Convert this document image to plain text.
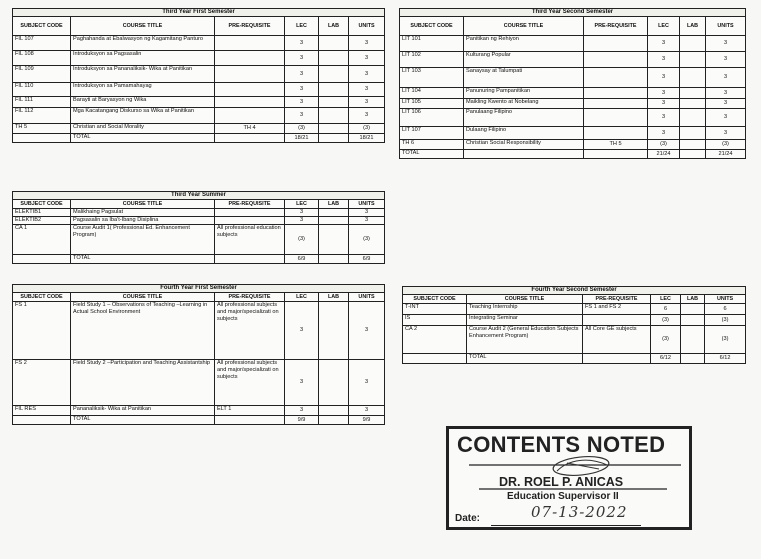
Third Year First Semester					
SUBJECT CODE	COURSE TITLE	PRE-REQUISITE	LEC	LAB	UNITS
FIL 107	Paghahanda at Ebalwasyon ng Kagamitang Panturo		3		3
FIL 108	Introduksyon sa Pagsasalin		3		3
FIL 109	Introduksyon sa Pananaliksik- Wika at Panitikan		3		3
FIL 110	Introduksyon sa Pamamahayag		3		3
FIL 111	Barayti at Baryasyon ng Wika		3		3
FIL 112	Mga Kacatangang Diskurso sa Wika at Panitikan		3		3
TH 5	Christian and Social Morality	TH 4	(3)		(3)
	TOTAL		18/21		18/21
Third Year Second Semester					
SUBJECT CODE	COURSE TITLE	PRE-REQUISITE	LEC	LAB	UNITS
LIT 101	Panitikan ng Rehiyon		3		3
LIT 102	Kulturang Popular		3		3
LIT 103	Sanaysay at Talumpati		3		3
LIT 104	Panunuring Pampanitikan		3		3
LIT 105	Maikling Kwento at Nobelang		3		3
LIT 106	Panulaang Filipino		3		3
LIT 107	Dulaang Filipino		3		3
TH 6	Christian Social Responsibility	TH 5	(3)		(3)
TOTAL			21/24		21/24
Third Year Summer					
SUBJECT CODE	COURSE TITLE	PRE-REQUISITE	LEC	LAB	UNITS
ELEKTIB1	Malikhaing Pagsulat		3		3
ELEKTIB2	Pagsasalin sa Iba't-Ibang Disiplina		3		3
CA 1	Course Audit 1( Professional Ed. Enhancement Program)	All professional education subjects	(3)		(3)
	TOTAL		6/9		6/9
Fourth Year First Semester					
SUBJECT CODE	COURSE TITLE	PRE-REQUISITE	LEC	LAB	UNITS
FS 1	Field Study 1 – Observations of Teaching –Learning in Actual School Environment	All professional subjects and major/specializati on subjects	3		3
FS 2	Field Study 2 –Participation and Teaching Assistantship	All professional subjects and major/specializati on subjects	3		3
FIL RES	Pananaliksik- Wika at Panitikan	ELT 1	3		3
	TOTAL		9/9		9/9
Fourth Year Second Semester					
SUBJECT CODE	COURSE TITLE	PRE-REQUISITE	LEC	LAB	UNITS
T-INT	Teaching Internship	FS 1 and FS 2	6		6
IS	Integrating Seminar		(3)		(3)
CA 2	Course Audit 2 (General Education Subjects Enhancement Program)	All Core GE subjects	(3)		(3)
	TOTAL		6/12		6/12
CONTENTS NOTED
DR. ROEL P. ANICAS
Education Supervisor II
Date:	07-13-2022
